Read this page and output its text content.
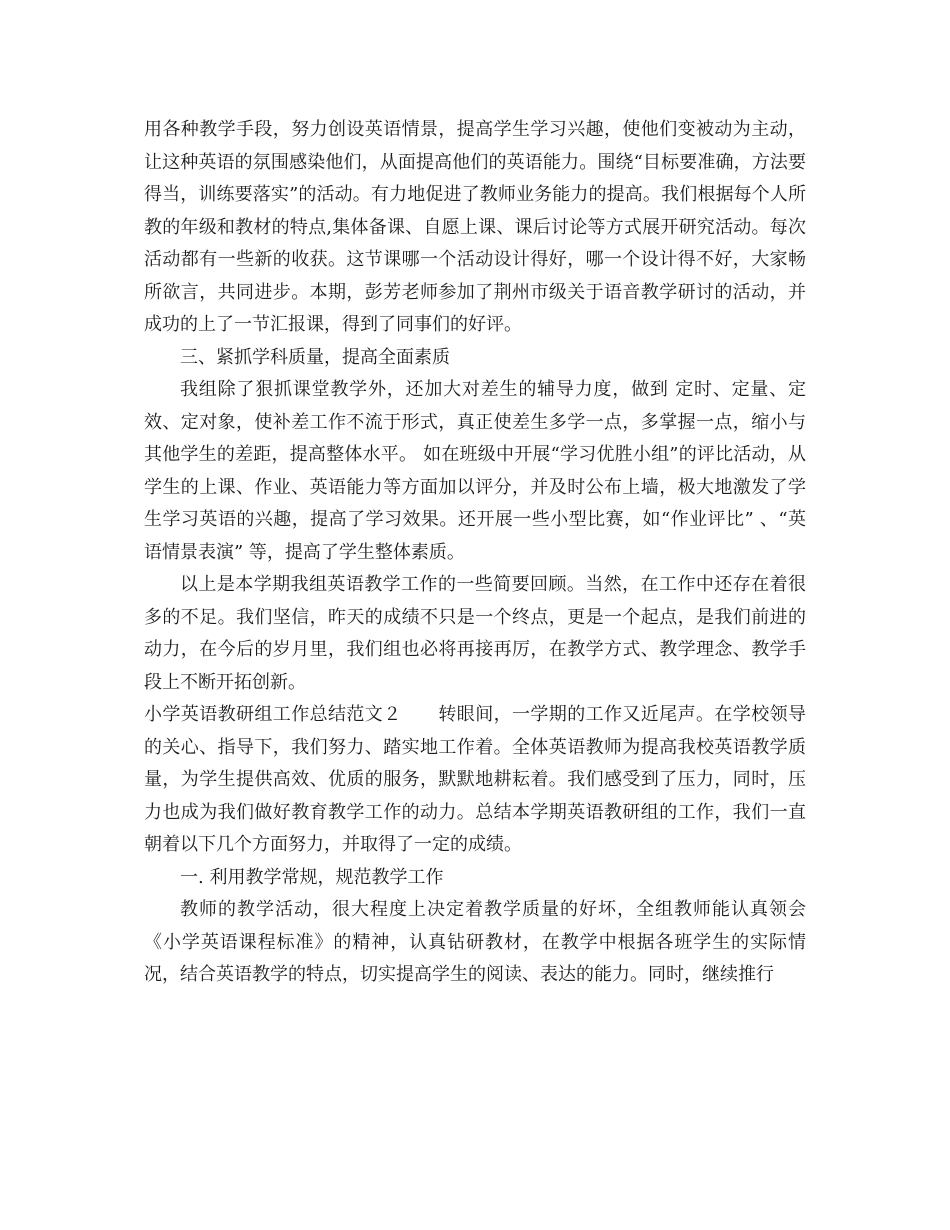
用各种教学手段，努力创设英语情景，提高学生学习兴趣，使他们变被动为主动，让这种英语的氛围感染他们，从面提高他们的英语能力。围绕“目标要准确，方法要得当，训练要落实”的活动。有力地促进了教师业务能力的提高。我们根据每个人所教的年级和教材的特点,集体备课、自愿上课、课后讨论等方式展开研究活动。每次活动都有一些新的收获。这节课哪一个活动设计得好，哪一个设计得不好，大家畅所欲言，共同进步。本期，彭芳老师参加了荆州市级关于语音教学研讨的活动，并成功的上了一节汇报课，得到了同事们的好评。

三、紧抓学科质量，提高全面素质

我组除了狠抓课堂教学外，还加大对差生的辅导力度，做到 定时、定量、定效、定对象，使补差工作不流于形式，真正使差生多学一点，多掌握一点，缩小与其他学生的差距，提高整体水平。 如在班级中开展“学习优胜小组”的评比活动，从学生的上课、作业、英语能力等方面加以评分，并及时公布上墙，极大地激发了学生学习英语的兴趣，提高了学习效果。还开展一些小型比赛，如“作业评比” 、“英语情景表演” 等，提高了学生整体素质。

以上是本学期我组英语教学工作的一些简要回顾。当然，在工作中还存在着很多的不足。我们坚信，昨天的成绩不只是一个终点，更是一个起点，是我们前进的动力，在今后的岁月里，我们组也必将再接再厉，在教学方式、教学理念、教学手段上不断开拓创新。

小学英语教研组工作总结范文２　　转眼间，一学期的工作又近尾声。在学校领导的关心、指导下，我们努力、踏实地工作着。全体英语教师为提高我校英语教学质量，为学生提供高效、优质的服务，默默地耕耘着。我们感受到了压力，同时，压力也成为我们做好教育教学工作的动力。总结本学期英语教研组的工作，我们一直朝着以下几个方面努力，并取得了一定的成绩。

一. 利用教学常规，规范教学工作

教师的教学活动，很大程度上决定着教学质量的好坏，全组教师能认真领会《小学英语课程标准》的精神，认真钻研教材，在教学中根据各班学生的实际情况，结合英语教学的特点，切实提高学生的阅读、表达的能力。同时，继续推行
